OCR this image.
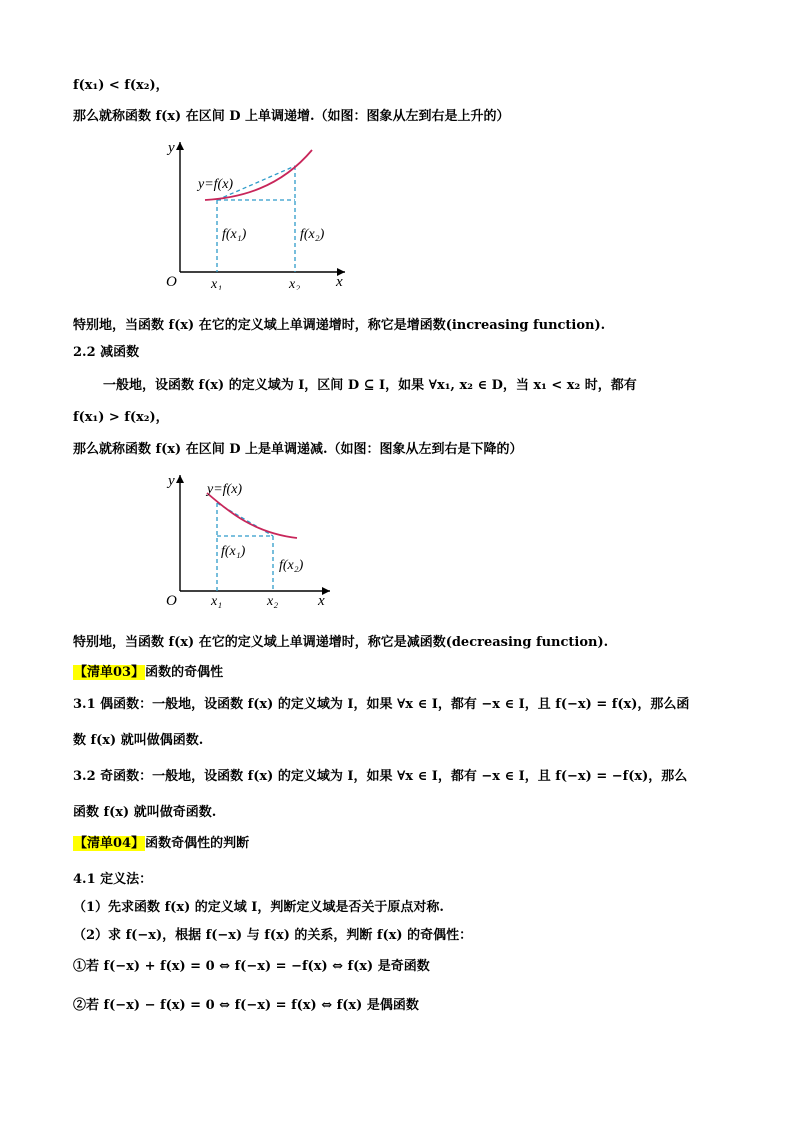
f(x₁) < f(x₂)，
那么就称函数 f(x) 在区间 D 上单调递增.（如图：图象从左到右是上升的）
y
x
O
y=f(x)
f(x₁)	f(x₂)
x₁	x₂
特别地，当函数 f(x) 在它的定义域上单调递增时，称它是增函数(increasing function).
2.2 减函数
一般地，设函数 f(x) 的定义域为 I，区间 D ⊆ I，如果 ∀x₁, x₂ ∈ D，当 x₁ < x₂ 时，都有
f(x₁) > f(x₂)，
那么就称函数 f(x) 在区间 D 上是单调递减.（如图：图象从左到右是下降的）
y
x
O
y=f(x)
f(x₁)
f(x₂)
x₁	x₂
特别地，当函数 f(x) 在它的定义域上单调递增时，称它是减函数(decreasing function).
【清单03】函数的奇偶性
3.1 偶函数：一般地，设函数 f(x) 的定义域为 I，如果 ∀x ∈ I，都有 −x ∈ I，且 f(−x) = f(x)，那么函
数 f(x) 就叫做偶函数.
3.2 奇函数：一般地，设函数 f(x) 的定义域为 I，如果 ∀x ∈ I，都有 −x ∈ I，且 f(−x) = −f(x)，那么
函数 f(x) 就叫做奇函数.
【清单04】函数奇偶性的判断
4.1 定义法：
（1）先求函数 f(x) 的定义域 I，判断定义域是否关于原点对称.
（2）求 f(−x)，根据 f(−x) 与 f(x) 的关系，判断 f(x) 的奇偶性：
①若 f(−x) + f(x) = 0 ⇔ f(−x) = −f(x) ⇔ f(x) 是奇函数
②若 f(−x) − f(x) = 0 ⇔ f(−x) = f(x) ⇔ f(x) 是偶函数
